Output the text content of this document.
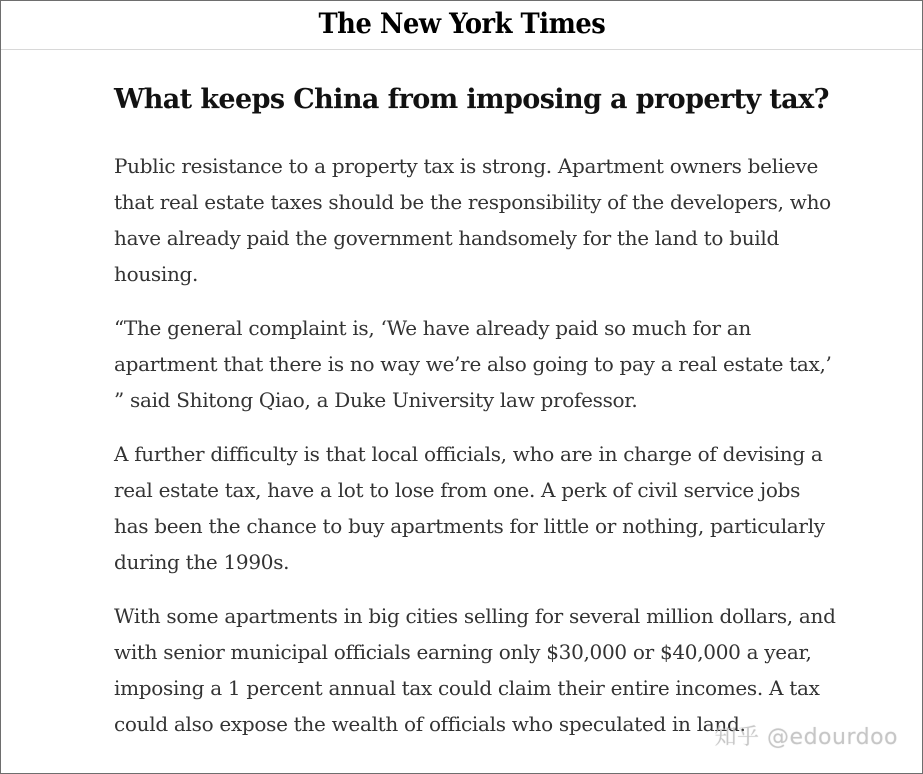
The New York Times
What keeps China from imposing a property tax?

Public resistance to a property tax is strong. Apartment owners believe that real estate taxes should be the responsibility of the developers, who have already paid the government handsomely for the land to build housing.

“The general complaint is, ‘We have already paid so much for an apartment that there is no way we’re also going to pay a real estate tax,’ ” said Shitong Qiao, a Duke University law professor.

A further difficulty is that local officials, who are in charge of devising a real estate tax, have a lot to lose from one. A perk of civil service jobs has been the chance to buy apartments for little or nothing, particularly during the 1990s.

With some apartments in big cities selling for several million dollars, and with senior municipal officials earning only $30,000 or $40,000 a year, imposing a 1 percent annual tax could claim their entire incomes. A tax could also expose the wealth of officials who speculated in land.

知乎 @edourdoo
